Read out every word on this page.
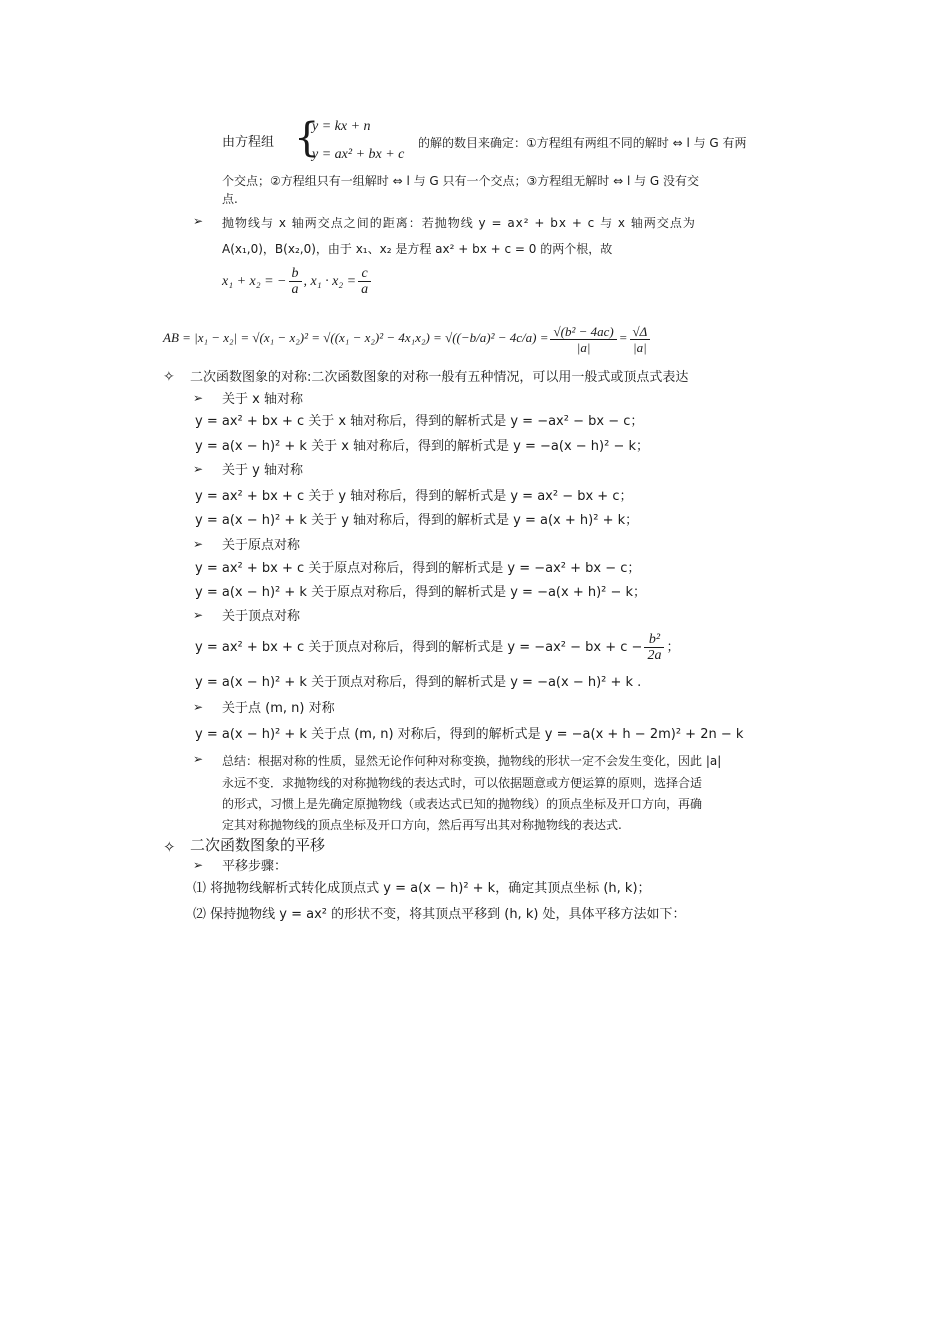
由方程组 {
y = kx + n
y = ax² + bx + c
的解的数目来确定：①方程组有两组不同的解时 ⇔ l 与 G 有两
个交点；②方程组只有一组解时 ⇔ l 与 G 只有一个交点；③方程组无解时 ⇔ l 与 G 没有交
点.
➢ 抛物线与 x 轴两交点之间的距离：若抛物线 y = ax² + bx + c 与 x 轴两交点为
A(x₁,0)，B(x₂,0)，由于 x₁、x₂ 是方程 ax² + bx + c = 0 的两个根，故
x₁ + x₂ = − $\frac{b}{a}$ , $x_1 \cdot x_2 = \frac{c}{a}$
AB = $|x_1 - x_2| = √(x_1 - x_2)^2 = √((x_1 - x_2)^2 - 4x_1x_2) = √((-b/a)^2 - 4c/a) = \frac{\text{√(b² − 4ac)}}{|a|} = \frac{√\Delta}{|a|}$
✧ 二次函数图象的对称:二次函数图象的对称一般有五种情况，可以用一般式或顶点式表达
➢ 关于 x 轴对称
y = ax² + bx + c 关于 x 轴对称后，得到的解析式是 y = −ax² − bx − c；
y = a(x − h)² + k 关于 x 轴对称后，得到的解析式是 y = −a(x − h)² − k；
➢ 关于 y 轴对称
y = ax² + bx + c 关于 y 轴对称后，得到的解析式是 y = ax² − bx + c；
y = a(x − h)² + k 关于 y 轴对称后，得到的解析式是 y = a(x + h)² + k；
➢ 关于原点对称
y = ax² + bx + c 关于原点对称后，得到的解析式是 y = −ax² + bx − c；
y = a(x − h)² + k 关于原点对称后，得到的解析式是 y = −a(x + h)² − k；
➢ 关于顶点对称
y = ax² + bx + c 关于顶点对称后，得到的解析式是 y = −ax² − bx + $c - \frac{\text{b²}}{2a}$ ；
y = a(x − h)² + k 关于顶点对称后，得到的解析式是 y = −a(x − h)² + k .
➢ 关于点 (m, n) 对称
y = a(x − h)² + k 关于点 (m, n) 对称后，得到的解析式是 y = −a(x + h − 2m)² + 2n − k
➢ 总结：根据对称的性质，显然无论作何种对称变换，抛物线的形状一定不会发生变化，因此 |a|
永远不变．求抛物线的对称抛物线的表达式时，可以依据题意或方便运算的原则，选择合适
的形式，习惯上是先确定原抛物线（或表达式已知的抛物线）的顶点坐标及开口方向，再确
定其对称抛物线的顶点坐标及开口方向，然后再写出其对称抛物线的表达式.
✧ 二次函数图象的平移
➢ 平移步骤：
⑴ 将抛物线解析式转化成顶点式 y = a(x − h)² + k，确定其顶点坐标 (h, k)；
⑵ 保持抛物线 y = ax² 的形状不变，将其顶点平移到 (h, k) 处，具体平移方法如下：
